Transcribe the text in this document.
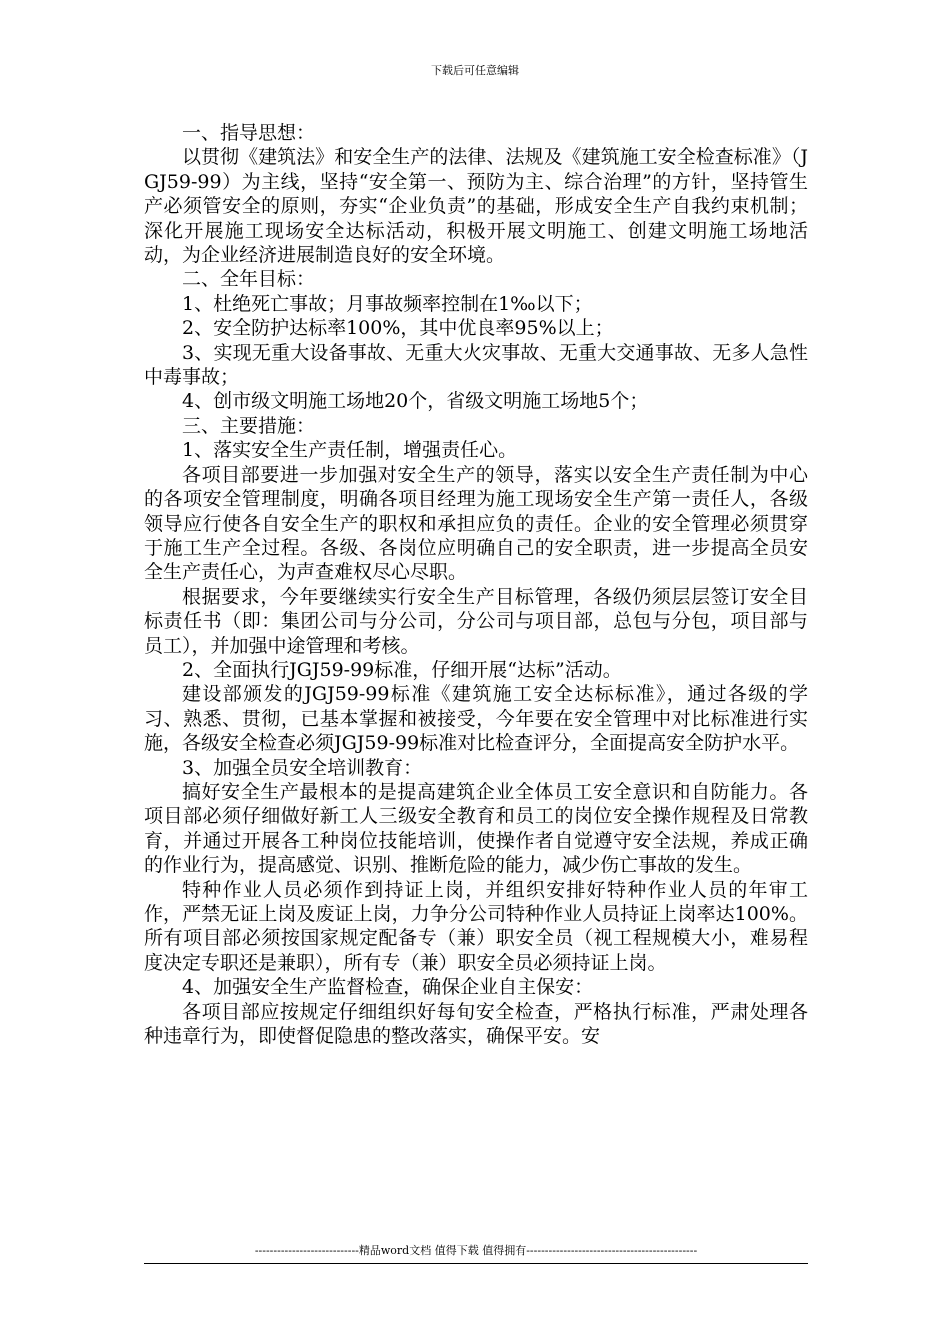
下载后可任意编辑

一、指导思想：

以贯彻《建筑法》和安全生产的法律、法规及《建筑施工安全检查标准》（JGJ59-99）为主线，坚持“安全第一、预防为主、综合治理”的方针，坚持管生产必须管安全的原则，夯实“企业负责”的基础，形成安全生产自我约束机制；深化开展施工现场安全达标活动，积极开展文明施工、创建文明施工场地活动，为企业经济进展制造良好的安全环境。

二、全年目标：

1、杜绝死亡事故；月事故频率控制在1‰以下；

2、安全防护达标率100%，其中优良率95%以上；

3、实现无重大设备事故、无重大火灾事故、无重大交通事故、无多人急性中毒事故；

4、创市级文明施工场地20个，省级文明施工场地5个；

三、主要措施：

1、落实安全生产责任制，增强责任心。

各项目部要进一步加强对安全生产的领导，落实以安全生产责任制为中心的各项安全管理制度，明确各项目经理为施工现场安全生产第一责任人，各级领导应行使各自安全生产的职权和承担应负的责任。企业的安全管理必须贯穿于施工生产全过程。各级、各岗位应明确自己的安全职责，进一步提高全员安全生产责任心，为声查难权尽心尽职。

根据要求，今年要继续实行安全生产目标管理，各级仍须层层签订安全目标责任书（即：集团公司与分公司，分公司与项目部，总包与分包，项目部与员工），并加强中途管理和考核。

2、全面执行JGJ59-99标准，仔细开展“达标”活动。

建设部颁发的JGJ59-99标准《建筑施工安全达标标准》，通过各级的学习、熟悉、贯彻，已基本掌握和被接受，今年要在安全管理中对比标准进行实施，各级安全检查必须JGJ59-99标准对比检查评分，全面提高安全防护水平。

3、加强全员安全培训教育：

搞好安全生产最根本的是提高建筑企业全体员工安全意识和自防能力。各项目部必须仔细做好新工人三级安全教育和员工的岗位安全操作规程及日常教育，并通过开展各工种岗位技能培训，使操作者自觉遵守安全法规，养成正确的作业行为，提高感觉、识别、推断危险的能力，减少伤亡事故的发生。

特种作业人员必须作到持证上岗，并组织安排好特种作业人员的年审工作，严禁无证上岗及废证上岗，力争分公司特种作业人员持证上岗率达100%。所有项目部必须按国家规定配备专（兼）职安全员（视工程规模大小，难易程度决定专职还是兼职），所有专（兼）职安全员必须持证上岗。

4、加强安全生产监督检查，确保企业自主保安：

各项目部应按规定仔细组织好每旬安全检查，严格执行标准，严肃处理各种违章行为，即使督促隐患的整改落实，确保平安。安

----------------------------精品word文档 值得下载 值得拥有----------------------------------------------
